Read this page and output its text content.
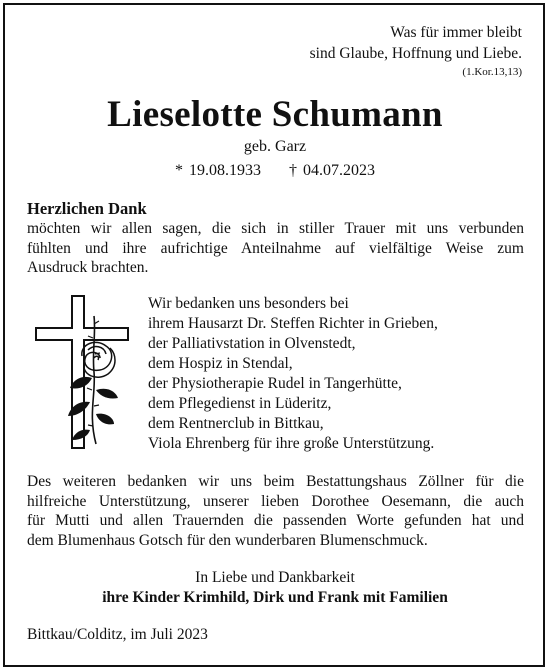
Was für immer bleibt
sind Glaube, Hoffnung und Liebe.
(1.Kor.13,13)
Lieselotte Schumann
geb. Garz
* 19.08.1933 † 04.07.2023
Herzlichen Dank
möchten wir allen sagen, die sich in stiller Trauer mit uns verbunden
fühlten und ihre aufrichtige Anteilnahme auf vielfältige Weise zum
Ausdruck brachten.
Wir bedanken uns besonders bei
ihrem Hausarzt Dr. Steffen Richter in Grieben,
der Palliativstation in Olvenstedt,
dem Hospiz in Stendal,
der Physiotherapie Rudel in Tangerhütte,
dem Pflegedienst in Lüderitz,
dem Rentnerclub in Bittkau,
Viola Ehrenberg für ihre große Unterstützung.
Des weiteren bedanken wir uns beim Bestattungshaus Zöllner für die
hilfreiche Unterstützung, unserer lieben Dorothee Oesemann, die auch
für Mutti und allen Trauernden die passenden Worte gefunden hat und
dem Blumenhaus Gotsch für den wunderbaren Blumenschmuck.
In Liebe und Dankbarkeit
ihre Kinder Krimhild, Dirk und Frank mit Familien
Bittkau/Colditz, im Juli 2023
